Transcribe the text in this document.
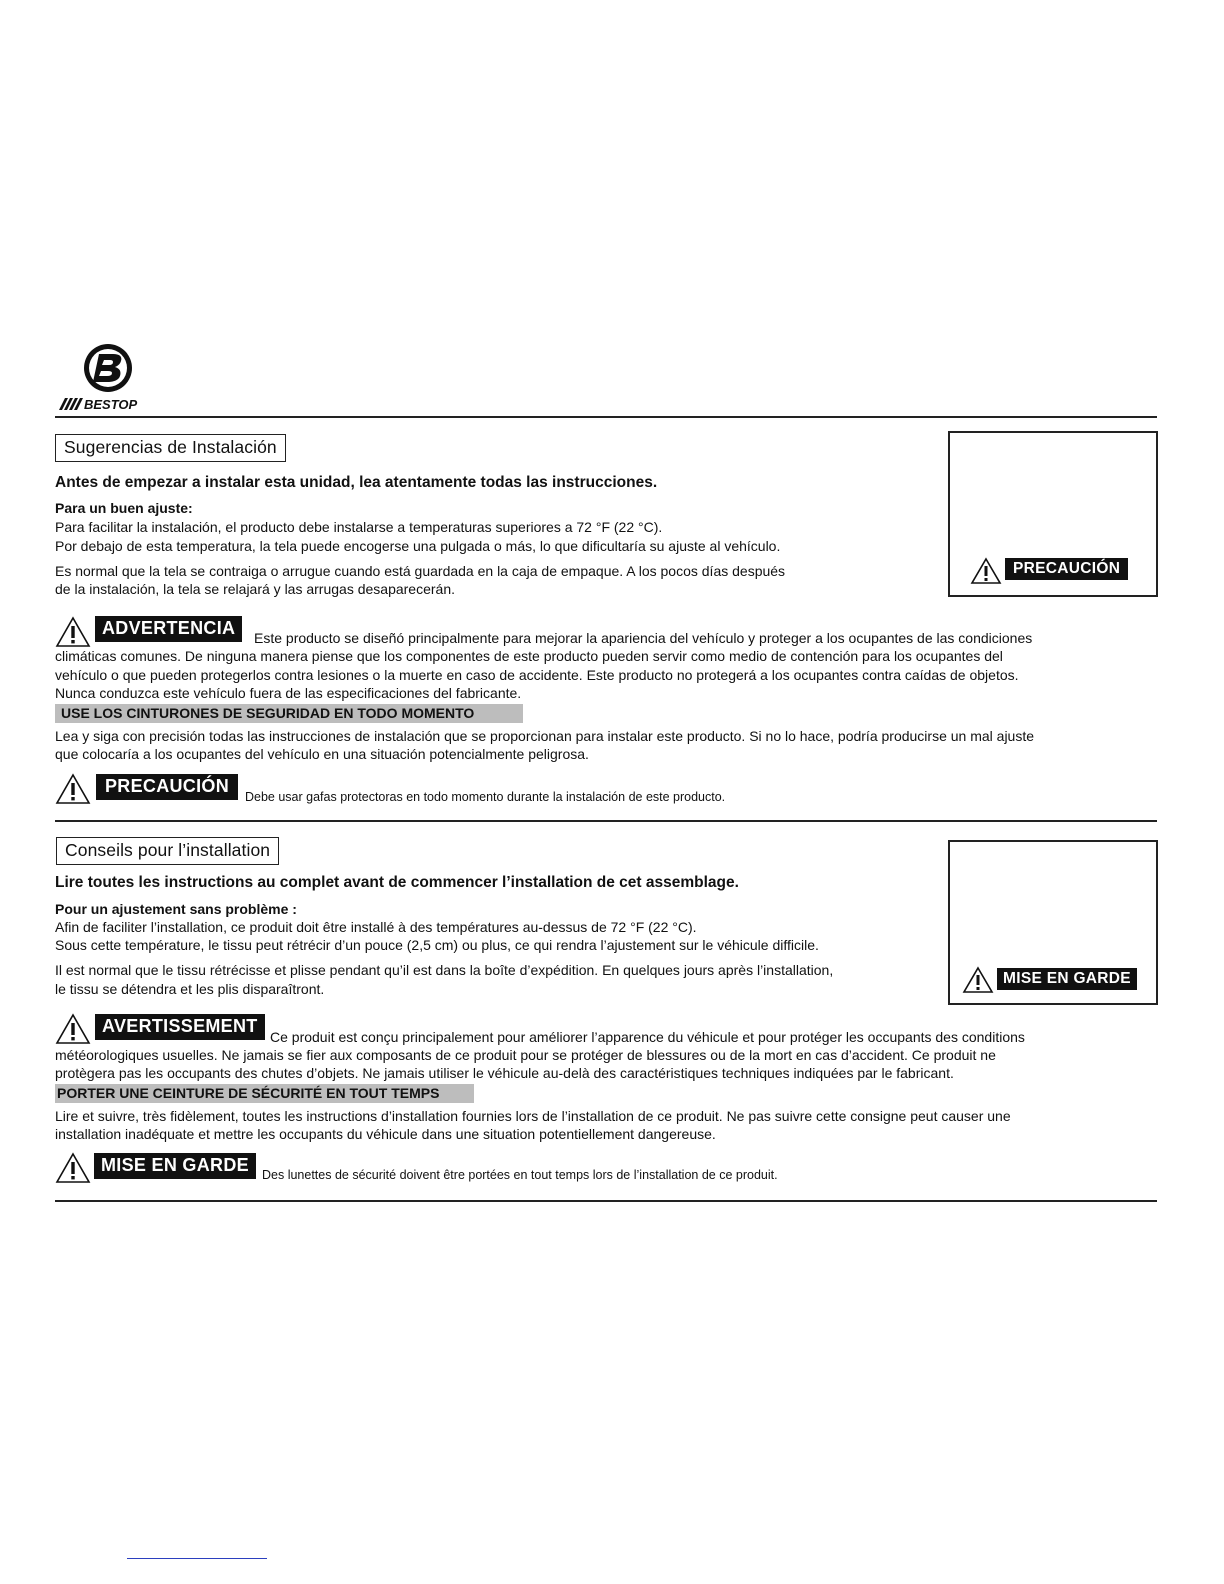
BESTOP
Sugerencias de Instalación
Antes de empezar a instalar esta unidad, lea atentamente todas las instrucciones.
Para un buen ajuste:
Para facilitar la instalación, el producto debe instalarse a temperaturas superiores a 72 °F (22 °C).
Por debajo de esta temperatura, la tela puede encogerse una pulgada o más, lo que dificultaría su ajuste al vehículo.
Es normal que la tela se contraiga o arrugue cuando está guardada en la caja de empaque. A los pocos días después
de la instalación, la tela se relajará y las arrugas desaparecerán.
PRECAUCIÓN
ADVERTENCIA	Este producto se diseñó principalmente para mejorar la apariencia del vehículo y proteger a los ocupantes de las condiciones
climáticas comunes. De ninguna manera piense que los componentes de este producto pueden servir como medio de contención para los ocupantes del
vehículo o que pueden protegerlos contra lesiones o la muerte en caso de accidente. Este producto no protegerá a los ocupantes contra caídas de objetos.
Nunca conduzca este vehículo fuera de las especificaciones del fabricante.
USE LOS CINTURONES DE SEGURIDAD EN TODO MOMENTO
Lea y siga con precisión todas las instrucciones de instalación que se proporcionan para instalar este producto. Si no lo hace, podría producirse un mal ajuste
que colocaría a los ocupantes del vehículo en una situación potencialmente peligrosa.
PRECAUCIÓN
Debe usar gafas protectoras en todo momento durante la instalación de este producto.
Conseils pour l’installation
Lire toutes les instructions au complet avant de commencer l’installation de cet assemblage.
Pour un ajustement sans problème :
Afin de faciliter l’installation, ce produit doit être installé à des températures au-dessus de 72 °F (22 °C).
Sous cette température, le tissu peut rétrécir d’un pouce (2,5 cm) ou plus, ce qui rendra l’ajustement sur le véhicule difficile.
Il est normal que le tissu rétrécisse et plisse pendant qu’il est dans la boîte d’expédition. En quelques jours après l’installation,
le tissu se détendra et les plis disparaîtront.
MISE EN GARDE
AVERTISSEMENT
Ce produit est conçu principalement pour améliorer l’apparence du véhicule et pour protéger les occupants des conditions
météorologiques usuelles. Ne jamais se fier aux composants de ce produit pour se protéger de blessures ou de la mort en cas d’accident. Ce produit ne
protègera pas les occupants des chutes d’objets. Ne jamais utiliser le véhicule au-delà des caractéristiques techniques indiquées par le fabricant.
PORTER UNE CEINTURE DE SÉCURITÉ EN TOUT TEMPS
Lire et suivre, très fidèlement, toutes les instructions d’installation fournies lors de l’installation de ce produit. Ne pas suivre cette consigne peut causer une
installation inadéquate et mettre les occupants du véhicule dans une situation potentiellement dangereuse.
MISE EN GARDE	Des lunettes de sécurité doivent être portées en tout temps lors de l’installation de ce produit.
